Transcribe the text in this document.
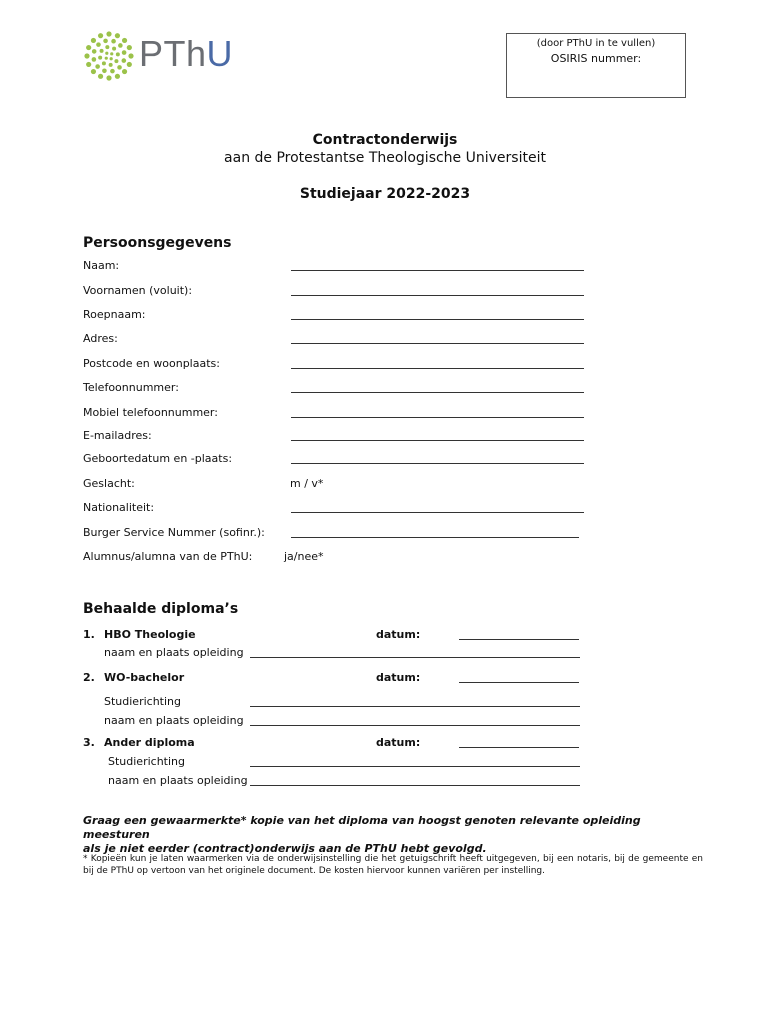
PThU	(door PThU in te vullen)
OSIRIS nummer:
Contractonderwijs
aan de Protestantse Theologische Universiteit
Studiejaar 2022-2023
Persoonsgegevens
Naam:
Voornamen (voluit):
Roepnaam:
Adres:
Postcode en woonplaats:
Telefoonnummer:
Mobiel telefoonnummer:
E-mailadres:
Geboortedatum en -plaats:
Geslacht:	m / v*
Nationaliteit:
Burger Service Nummer (sofinr.):
Alumnus/alumna van de PThU:	ja/nee*
Behaalde diploma’s
1. HBO Theologie	datum:
naam en plaats opleiding
2. WO-bachelor	datum:
Studierichting
naam en plaats opleiding
3. Ander diploma	datum:
Studierichting
naam en plaats opleiding
Graag een gewaarmerkte* kopie van het diploma van hoogst genoten relevante opleiding meesturen
als je niet eerder (contract)onderwijs aan de PThU hebt gevolgd.
* Kopieën kun je laten waarmerken via de onderwijsinstelling die het getuigschrift heeft uitgegeven, bij een notaris, bij de gemeente en bij de PThU op vertoon van het originele document. De kosten hiervoor kunnen variëren per instelling.
